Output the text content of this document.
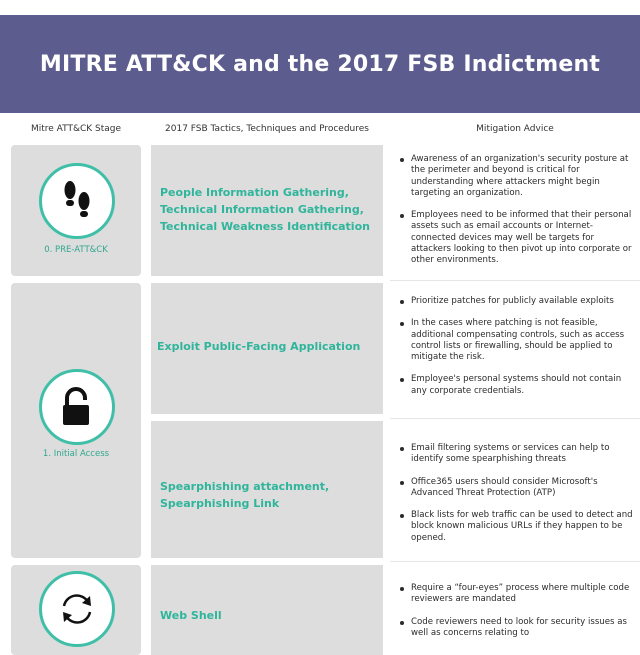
MITRE ATT&CK and the 2017 FSB Indictment
Mitre ATT&CK Stage	2017 FSB Tactics, Techniques and Procedures	Mitigation Advice
0. PRE-ATT&CK
1. Initial Access
People Information Gathering, Technical Information Gathering, Technical Weakness Identification
Exploit Public-Facing Application
Spearphishing attachment, Spearphishing Link
Web Shell
Awareness of an organization's security posture at the perimeter and beyond is critical for understanding where attackers might begin targeting an organization.
Employees need to be informed that their personal assets such as email accounts or Internet-connected devices may well be targets for attackers looking to then pivot up into corporate or other environments.
Prioritize patches for publicly available exploits
In the cases where patching is not feasible, additional compensating controls, such as access control lists or firewalling, should be applied to mitigate the risk.
Employee's personal systems should not contain any corporate credentials.
Email filtering systems or services can help to identify some spearphishing threats
Office365 users should consider Microsoft's Advanced Threat Protection (ATP)
Black lists for web traffic can be used to detect and block known malicious URLs if they happen to be opened.
Require a “four-eyes” process where multiple code reviewers are mandated
Code reviewers need to look for security issues as well as concerns relating to
